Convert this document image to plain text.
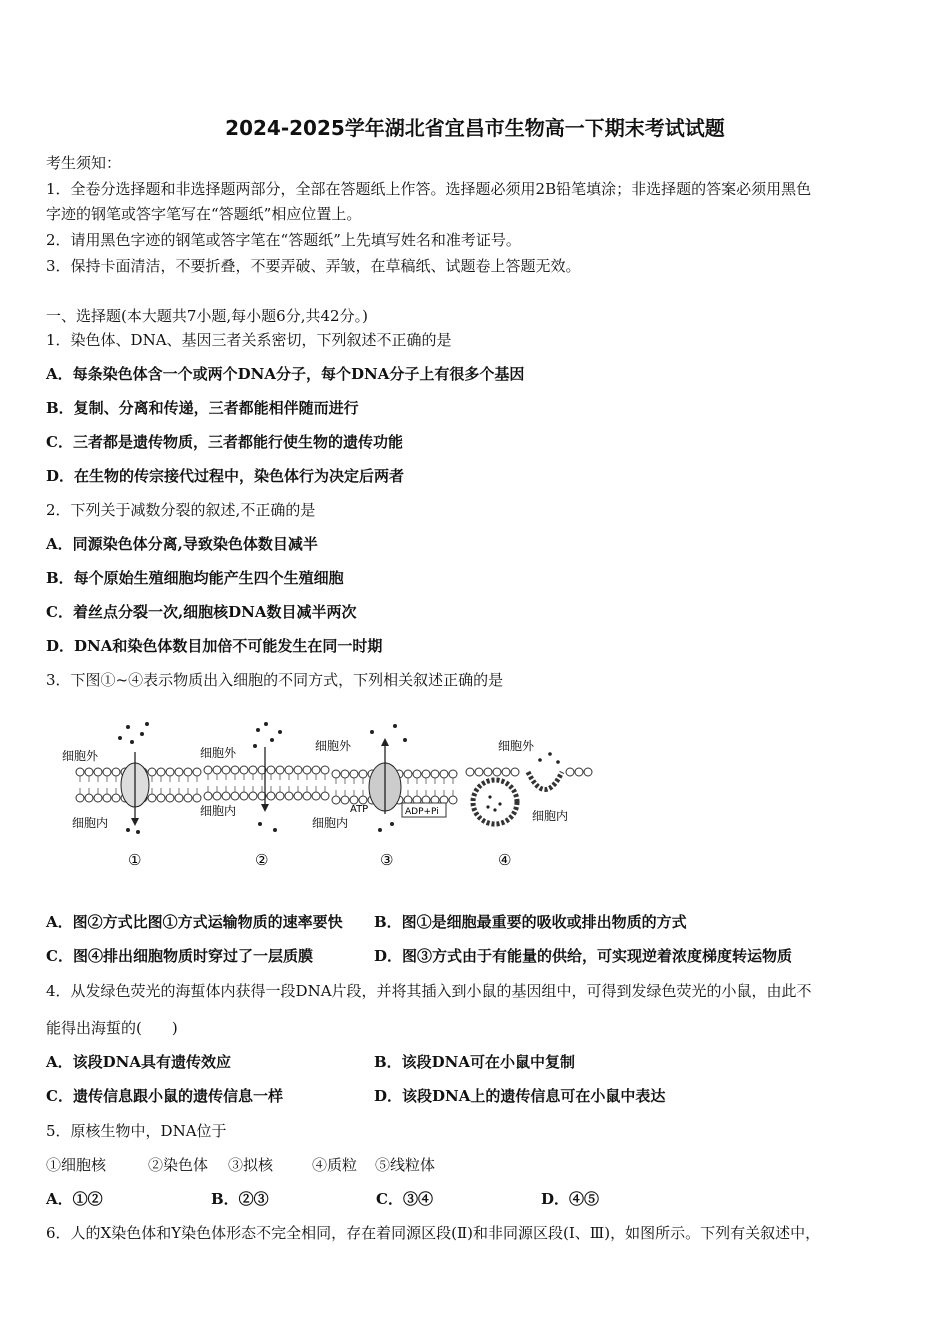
2024-2025学年湖北省宜昌市生物高一下期末考试试题
考生须知：
1．全卷分选择题和非选择题两部分，全部在答题纸上作答。选择题必须用2B铅笔填涂；非选择题的答案必须用黑色
字迹的钢笔或答字笔写在“答题纸”相应位置上。
2．请用黑色字迹的钢笔或答字笔在“答题纸”上先填写姓名和准考证号。
3．保持卡面清洁，不要折叠，不要弄破、弄皱，在草稿纸、试题卷上答题无效。
一、选择题(本大题共7小题,每小题6分,共42分。)
1．染色体、DNA、基因三者关系密切，下列叙述不正确的是
A．每条染色体含一个或两个DNA分子，每个DNA分子上有很多个基因
B．复制、分离和传递，三者都能相伴随而进行
C．三者都是遗传物质，三者都能行使生物的遗传功能
D．在生物的传宗接代过程中，染色体行为决定后两者
2．下列关于减数分裂的叙述,不正确的是
A．同源染色体分离,导致染色体数目减半
B．每个原始生殖细胞均能产生四个生殖细胞
C．着丝点分裂一次,细胞核DNA数目减半两次
D．DNA和染色体数目加倍不可能发生在同一时期
3．下图①~④表示物质出入细胞的不同方式，下列相关叙述正确的是
细胞外
细胞内
①
细胞外
细胞内
②
细胞外
ATP	ADP+Pi
细胞内
③
细胞外
细胞内
④
A．图②方式比图①方式运输物质的速率要快 B．图①是细胞最重要的吸收或排出物质的方式
C．图④排出细胞物质时穿过了一层质膜	D．图③方式由于有能量的供给，可实现逆着浓度梯度转运物质
4．从发绿色荧光的海蜇体内获得一段DNA片段，并将其插入到小鼠的基因组中，可得到发绿色荧光的小鼠，由此不
能得出海蜇的(　　)
A．该段DNA具有遗传效应	B．该段DNA可在小鼠中复制
C．遗传信息跟小鼠的遗传信息一样	D．该段DNA上的遗传信息可在小鼠中表达
5．原核生物中，DNA位于
①细胞核	②染色体 ③拟核	④质粒 ⑤线粒体
A．①②	B．②③	C．③④	D．④⑤
6．人的X染色体和Y染色体形态不完全相同，存在着同源区段(Ⅱ)和非同源区段(Ⅰ、Ⅲ)，如图所示。下列有关叙述中，
